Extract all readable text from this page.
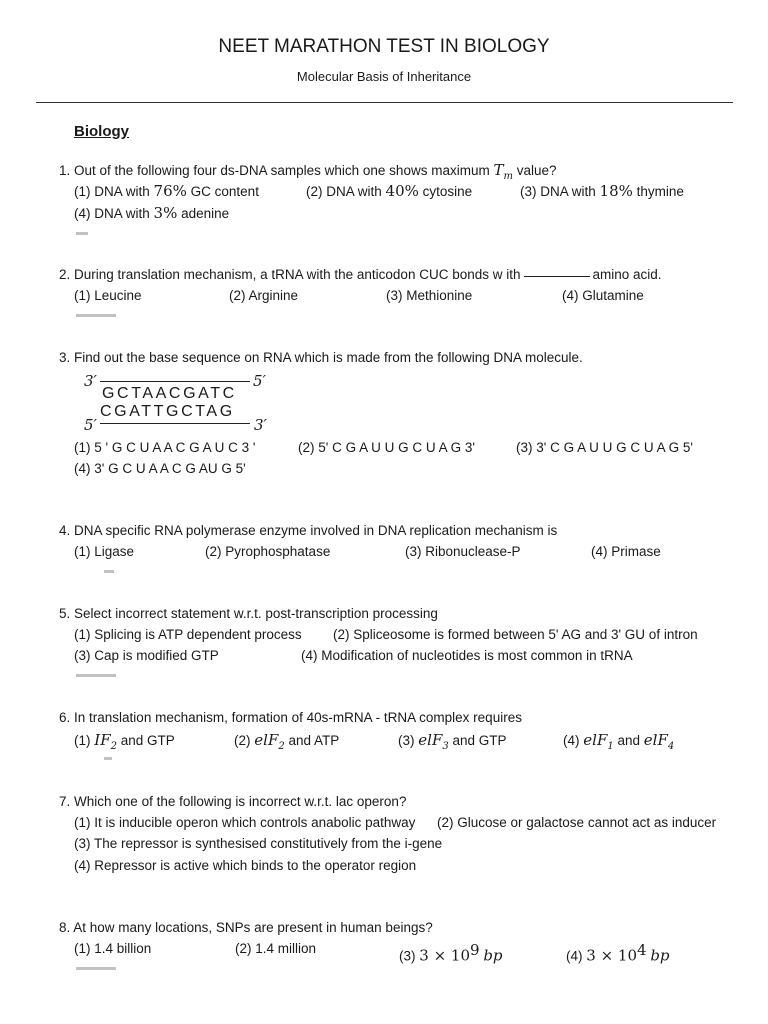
NEET MARATHON TEST IN BIOLOGY
Molecular Basis of Inheritance
Biology
1. Out of the following four ds-DNA samples which one shows maximum $T_m$ value?
(1) DNA with 76% GC content	(2) DNA with 40% cytosine	(3) DNA with 18% thymine
(4) DNA with 3% adenine
2. During translation mechanism, a tRNA with the anticodon CUC bonds w ith	amino acid.
(1) Leucine	(2) Arginine	(3) Methionine	(4) Glutamine
3. Find out the base sequence on RNA which is made from the following DNA molecule.
3′	5′
GCTAACGATC
CGATTGCTAG
5′	3′
(1) 5 ' G C U A A C G A U C 3 '	(2) 5' C G A U U G C U A G 3'	(3) 3' C G A U U G C U A G 5'
(4) 3' G C U A A C G AU G 5'
4. DNA specific RNA polymerase enzyme involved in DNA replication mechanism is
(1) Ligase	(2) Pyrophosphatase	(3) Ribonuclease-P	(4) Primase
5. Select incorrect statement w.r.t. post-transcription processing
(1) Splicing is ATP dependent process (2) Spliceosome is formed between 5' AG and 3' GU of intron
(3) Cap is modified GTP	(4) Modification of nucleotides is most common in tRNA
6. In translation mechanism, formation of 40s-mRNA - tRNA complex requires
(1) $IF_2$ and GTP	(2) elF$_2$ and ATP	(3) elF$_3$ and GTP	(4) elF$_1$ and elF$_4$
7. Which one of the following is incorrect w.r.t. lac operon?
(1) It is inducible operon which controls anabolic pathway (2) Glucose or galactose cannot act as inducer
(3) The repressor is synthesised constitutively from the i-gene
(4) Repressor is active which binds to the operator region
8. At how many locations, SNPs are present in human beings?
(1) 1.4 billion	(2) 1.4 million	(3) $3 \times 10^9$ bp	(4) $3 \times 10^4$ bp
